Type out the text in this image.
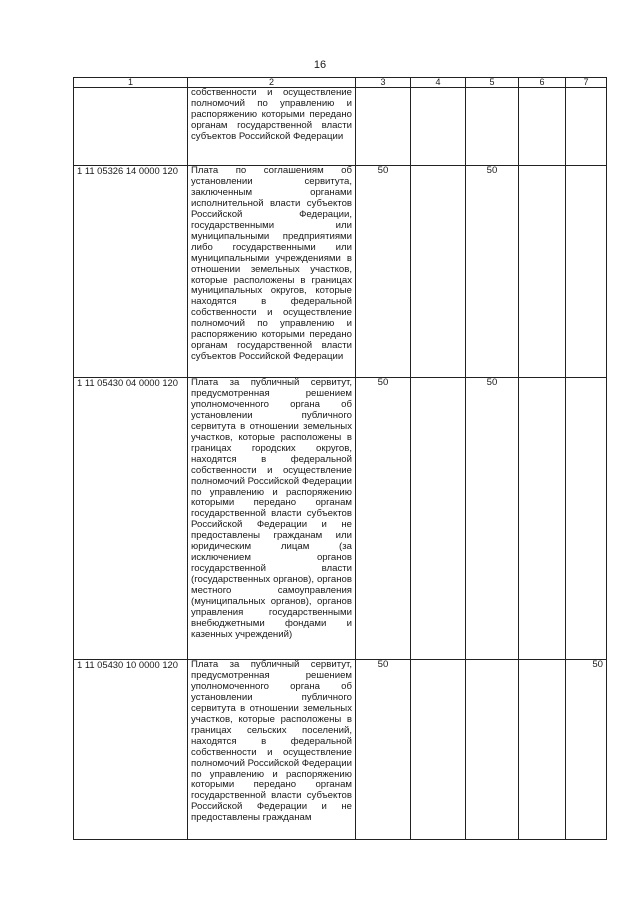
16
1	2	3	4	5	6	7
	собственности и осуществление полномочий по управлению и распоряжению которыми передано органам государственной власти субъектов Российской Федерации					
1 11 05326 14 0000 120	Плата по соглашениям об установлении сервитута, заключенным органами исполнительной власти субъектов Российской Федерации, государственными или муниципальными предприятиями либо государственными или муниципальными учреждениями в отношении земельных участков, которые расположены в границах муниципальных округов, которые находятся в федеральной собственности и осуществление полномочий по управлению и распоряжению которыми передано органам государственной власти субъектов Российской Федерации	50		50		
1 11 05430 04 0000 120	Плата за публичный сервитут, предусмотренная решением уполномоченного органа об установлении публичного сервитута в отношении земельных участков, которые расположены в границах городских округов, находятся в федеральной собственности и осуществление полномочий Российской Федерации по управлению и распоряжению которыми передано органам государственной власти субъектов Российской Федерации и не предоставлены гражданам или юридическим лицам (за исключением органов государственной власти (государственных органов), органов местного самоуправления (муниципальных органов), органов управления государственными внебюджетными фондами и казенных учреждений)	50		50		
1 11 05430 10 0000 120	Плата за публичный сервитут, предусмотренная решением уполномоченного органа об установлении публичного сервитута в отношении земельных участков, которые расположены в границах сельских поселений, находятся в федеральной собственности и осуществление полномочий Российской Федерации по управлению и распоряжению которыми передано органам государственной власти субъектов Российской Федерации и не предоставлены гражданам	50				50
